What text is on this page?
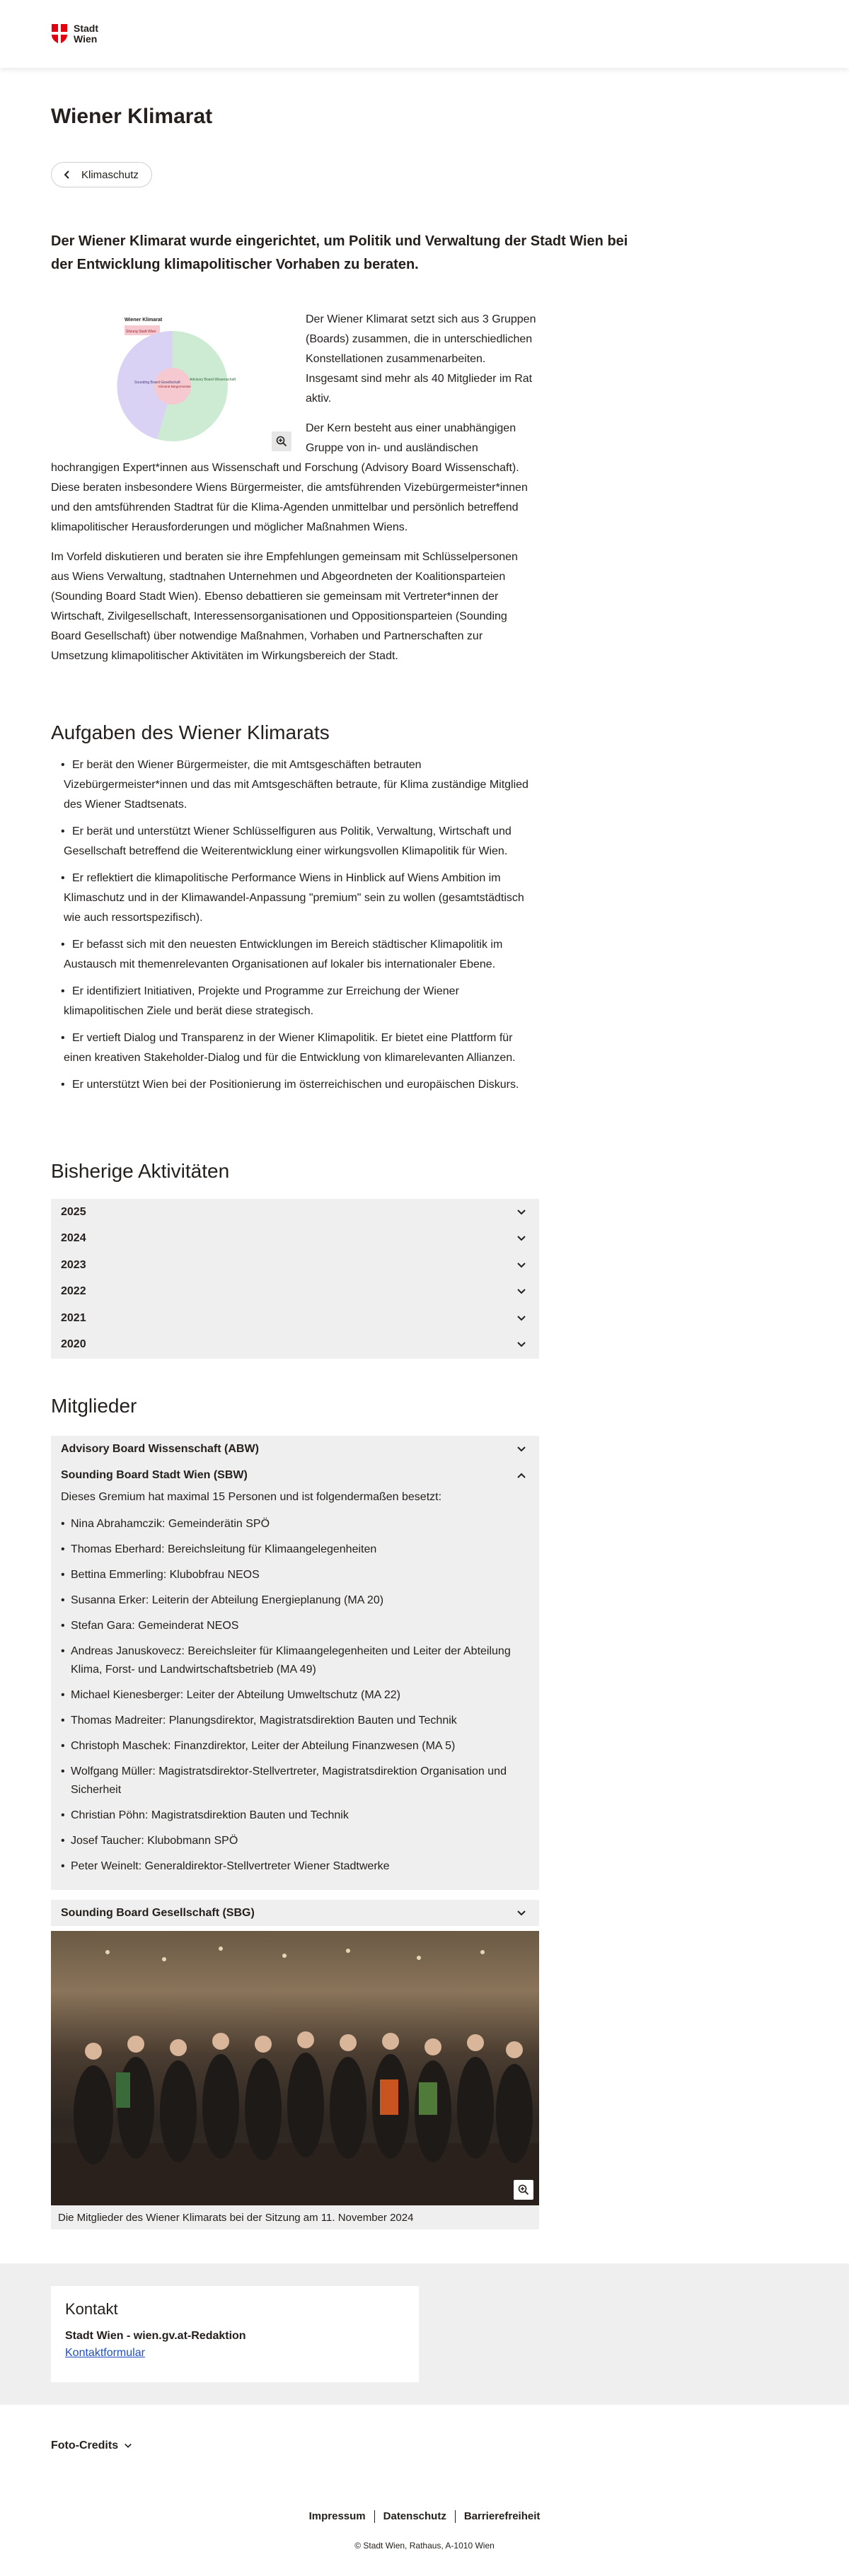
Stadt
Wien
Wiener Klimarat
Klimaschutz

Der Wiener Klimarat wurde eingerichtet, um Politik und Verwaltung der Stadt Wien bei der Entwicklung klimapolitischer Vorhaben zu beraten.

Wiener Klimarat
Sitzung Stadt Wien
Sounding Board Gesellschaft
Advisory Board Wissenschaft
Klimarat Bürgermeister

Der Wiener Klimarat setzt sich aus 3 Gruppen (Boards) zusammen, die in unterschiedlichen Konstellationen zusammenarbeiten. Insgesamt sind mehr als 40 Mitglieder im Rat aktiv.

Der Kern besteht aus einer unabhängigen Gruppe von in- und ausländischen hochrangigen Expert*innen aus Wissenschaft und Forschung (Advisory Board Wissenschaft). Diese beraten insbesondere Wiens Bürgermeister, die amtsführenden Vizebürgermeister*innen und den amtsführenden Stadtrat für die Klima-Agenden unmittelbar und persönlich betreffend klimapolitischer Herausforderungen und möglicher Maßnahmen Wiens.

Im Vorfeld diskutieren und beraten sie ihre Empfehlungen gemeinsam mit Schlüsselpersonen aus Wiens Verwaltung, stadtnahen Unternehmen und Abgeordneten der Koalitionsparteien (Sounding Board Stadt Wien). Ebenso debattieren sie gemeinsam mit Vertreter*innen der Wirtschaft, Zivilgesellschaft, Interessensorganisationen und Oppositionsparteien (Sounding Board Gesellschaft) über notwendige Maßnahmen, Vorhaben und Partnerschaften zur Umsetzung klimapolitischer Aktivitäten im Wirkungsbereich der Stadt.

Aufgaben des Wiener Klimarats
• Er berät den Wiener Bürgermeister, die mit Amtsgeschäften betrauten Vizebürgermeister*innen und das mit Amtsgeschäften betraute, für Klima zuständige Mitglied des Wiener Stadtsenats.
• Er berät und unterstützt Wiener Schlüsselfiguren aus Politik, Verwaltung, Wirtschaft und Gesellschaft betreffend die Weiterentwicklung einer wirkungsvollen Klimapolitik für Wien.
• Er reflektiert die klimapolitische Performance Wiens in Hinblick auf Wiens Ambition im Klimaschutz und in der Klimawandel-Anpassung "premium" sein zu wollen (gesamtstädtisch wie auch ressortspezifisch).
• Er befasst sich mit den neuesten Entwicklungen im Bereich städtischer Klimapolitik im Austausch mit themenrelevanten Organisationen auf lokaler bis internationaler Ebene.
• Er identifiziert Initiativen, Projekte und Programme zur Erreichung der Wiener klimapolitischen Ziele und berät diese strategisch.
• Er vertieft Dialog und Transparenz in der Wiener Klimapolitik. Er bietet eine Plattform für einen kreativen Stakeholder-Dialog und für die Entwicklung von klimarelevanten Allianzen.
• Er unterstützt Wien bei der Positionierung im österreichischen und europäischen Diskurs.
Bisherige Aktivitäten
2025
2024
2023
2022
2021
2020
Mitglieder
Advisory Board Wissenschaft (ABW)
Sounding Board Stadt Wien (SBW)

Dieses Gremium hat maximal 15 Personen und ist folgendermaßen besetzt:

• Nina Abrahamczik: Gemeinderätin SPÖ
• Thomas Eberhard: Bereichsleitung für Klimaangelegenheiten
• Bettina Emmerling: Klubobfrau NEOS
• Susanna Erker: Leiterin der Abteilung Energieplanung (MA 20)
• Stefan Gara: Gemeinderat NEOS
• Andreas Januskovecz: Bereichsleiter für Klimaangelegenheiten und Leiter der Abteilung Klima, Forst- und Landwirtschaftsbetrieb (MA 49)
• Michael Kienesberger: Leiter der Abteilung Umweltschutz (MA 22)
• Thomas Madreiter: Planungsdirektor, Magistratsdirektion Bauten und Technik
• Christoph Maschek: Finanzdirektor, Leiter der Abteilung Finanzwesen (MA 5)
• Wolfgang Müller: Magistratsdirektor-Stellvertreter, Magistratsdirektion Organisation und Sicherheit
• Christian Pöhn: Magistratsdirektion Bauten und Technik
• Josef Taucher: Klubobmann SPÖ
• Peter Weinelt: Generaldirektor-Stellvertreter Wiener Stadtwerke
Sounding Board Gesellschaft (SBG)
Die Mitglieder des Wiener Klimarats bei der Sitzung am 11. November 2024
Kontakt
Stadt Wien - wien.gv.at-Redaktion
Kontaktformular
Foto-Credits
Impressum Datenschutz Barrierefreiheit
© Stadt Wien, Rathaus, A-1010 Wien
